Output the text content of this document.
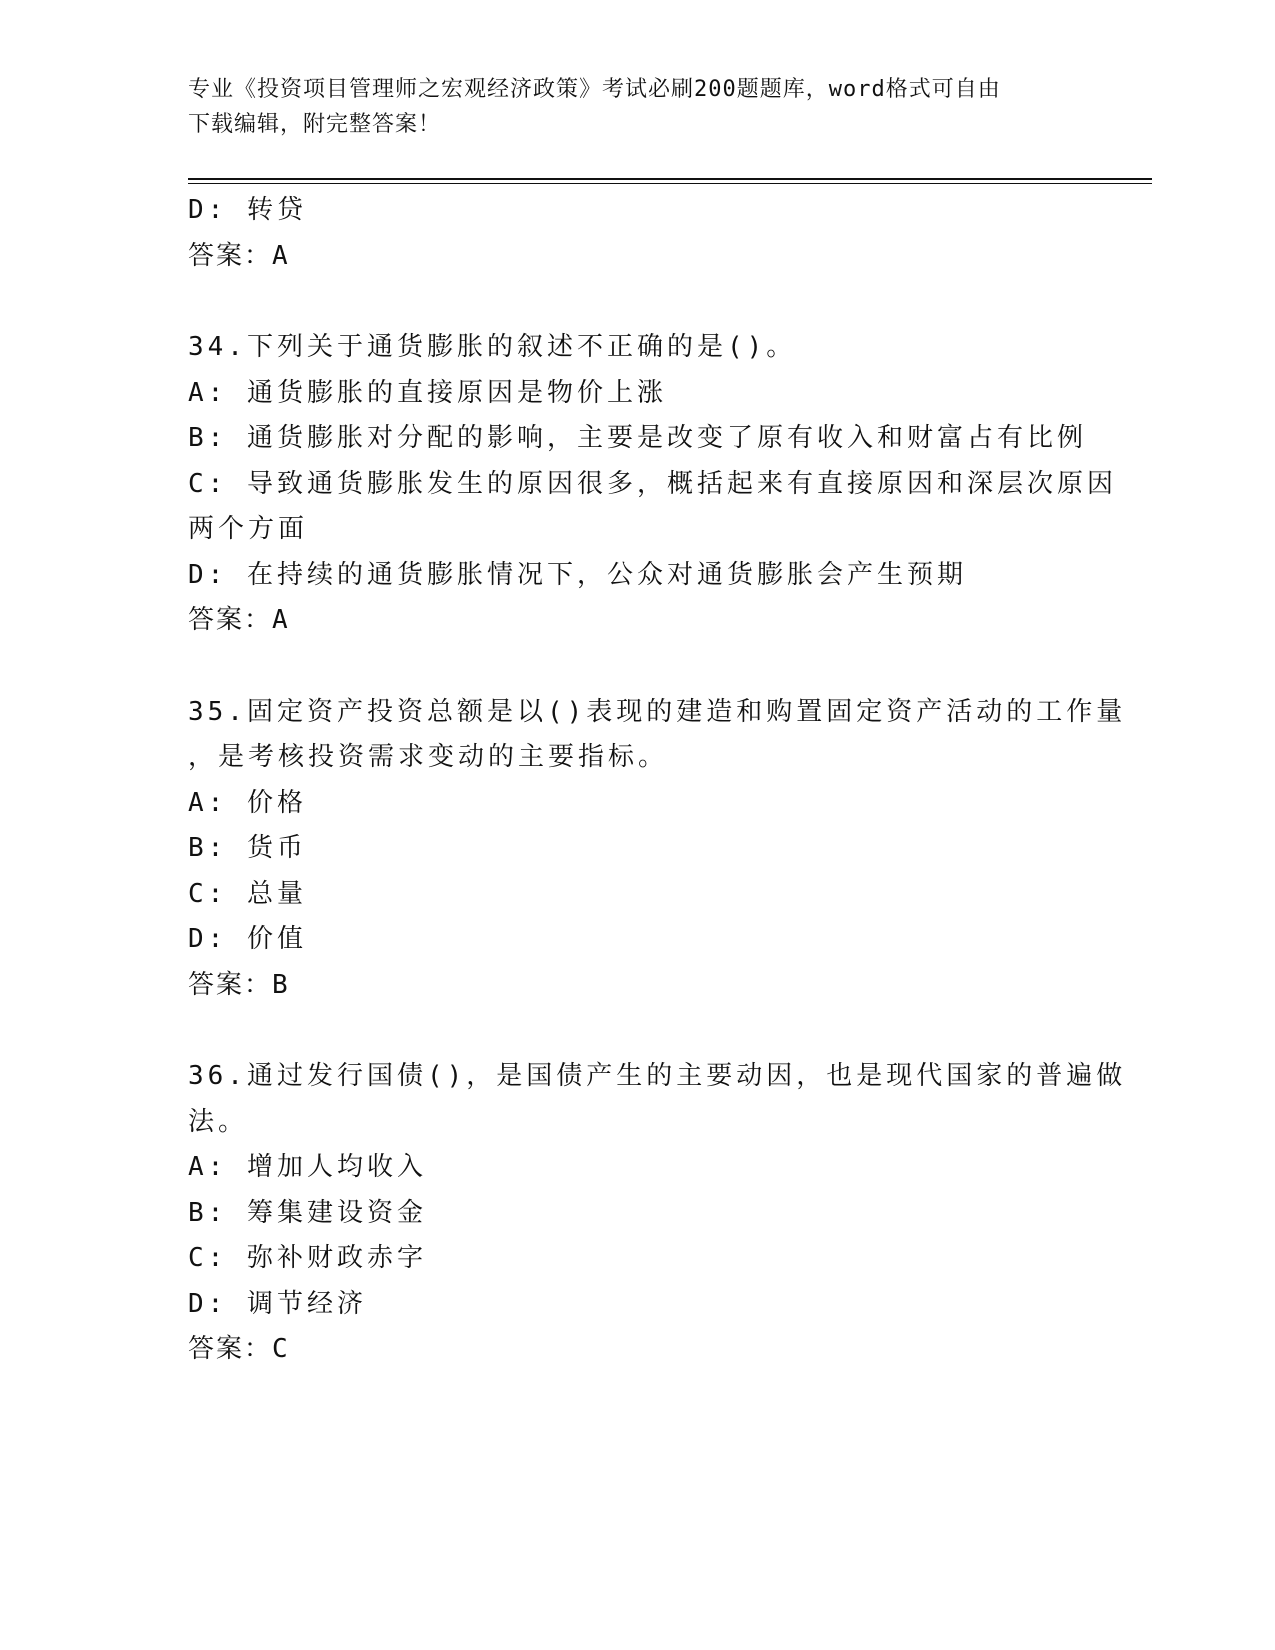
专业《投资项目管理师之宏观经济政策》考试必刷200题题库，word格式可自由
下载编辑，附完整答案！
D: 转贷
答案：A
34.下列关于通货膨胀的叙述不正确的是()。
A: 通货膨胀的直接原因是物价上涨
B: 通货膨胀对分配的影响，主要是改变了原有收入和财富占有比例
C: 导致通货膨胀发生的原因很多，概括起来有直接原因和深层次原因
两个方面
D: 在持续的通货膨胀情况下，公众对通货膨胀会产生预期
答案：A
35.固定资产投资总额是以()表现的建造和购置固定资产活动的工作量
，是考核投资需求变动的主要指标。
A: 价格
B: 货币
C: 总量
D: 价值
答案：B
36.通过发行国债()，是国债产生的主要动因，也是现代国家的普遍做
法。
A: 增加人均收入
B: 筹集建设资金
C: 弥补财政赤字
D: 调节经济
答案：C
